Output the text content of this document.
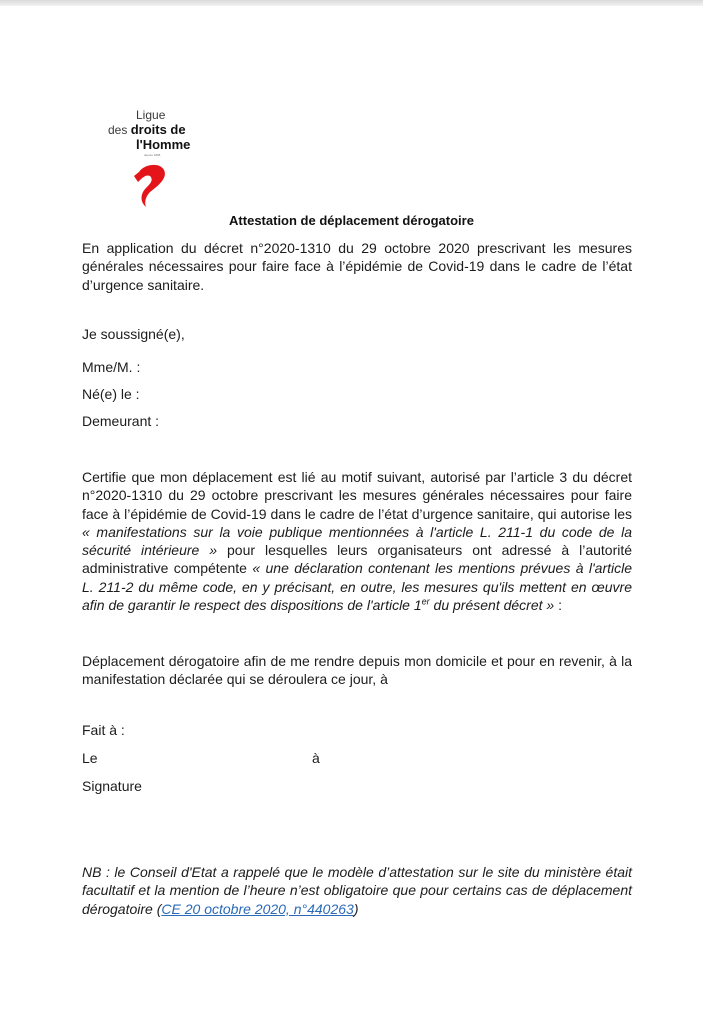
Ligue
des droits de
l'Homme
depuis 1898
Attestation de déplacement dérogatoire
En application du décret n°2020-1310 du 29 octobre 2020 prescrivant les mesures générales nécessaires pour faire face à l’épidémie de Covid-19 dans le cadre de l’état d’urgence sanitaire.
Je soussigné(e),
Mme/M. :
Né(e) le :
Demeurant :
Certifie que mon déplacement est lié au motif suivant, autorisé par l’article 3 du décret n°2020-1310 du 29 octobre prescrivant les mesures générales nécessaires pour faire face à l’épidémie de Covid-19 dans le cadre de l’état d’urgence sanitaire, qui autorise les « manifestations sur la voie publique mentionnées à l'article L. 211-1 du code de la sécurité intérieure » pour lesquelles leurs organisateurs ont adressé à l’autorité administrative compétente « une déclaration contenant les mentions prévues à l'article L. 211-2 du même code, en y précisant, en outre, les mesures qu'ils mettent en œuvre afin de garantir le respect des dispositions de l'article 1er du présent décret » :
Déplacement dérogatoire afin de me rendre depuis mon domicile et pour en revenir, à la manifestation déclarée qui se déroulera ce jour, à
Fait à :
Le	à
Signature
NB : le Conseil d'Etat a rappelé que le modèle d’attestation sur le site du ministère était facultatif et la mention de l’heure n’est obligatoire que pour certains cas de déplacement dérogatoire (CE 20 octobre 2020, n°440263)
